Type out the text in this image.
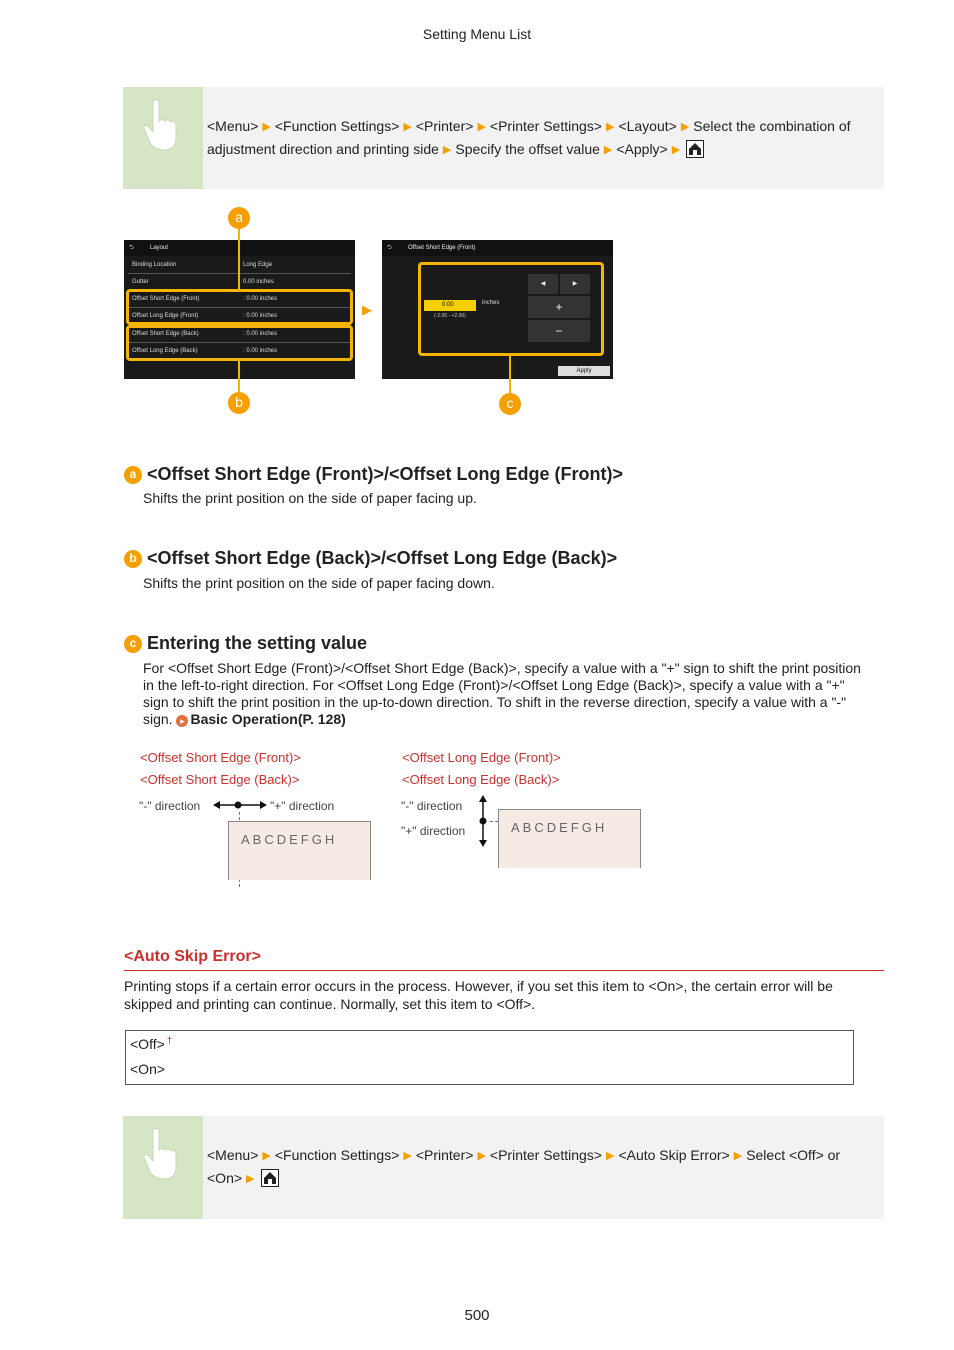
Setting Menu List
<Menu> ▶ <Function Settings> ▶ <Printer> ▶ <Printer Settings> ▶ <Layout> ▶ Select the combination of adjustment direction and printing side ▶ Specify the offset value ▶ <Apply> ▶
⮌	Layout
Binding Location	Long Edge
Gutter	0.00 inches
Offset Short Edge (Front)	: 0.00 inches
Offset Long Edge (Front)	: 0.00 inches
Offset Short Edge (Back)	: 0.00 inches
Offset Long Edge (Back)	: 0.00 inches
a
b
▶
⮌	Offset Short Edge (Front)
0.00	inches
(-2.00 - +2.00)
◀	▶
+
−
Apply
c
a <Offset Short Edge (Front)>/<Offset Long Edge (Front)>
Shifts the print position on the side of paper facing up.
b <Offset Short Edge (Back)>/<Offset Long Edge (Back)>
Shifts the print position on the side of paper facing down.
c Entering the setting value
For <Offset Short Edge (Front)>/<Offset Short Edge (Back)>, specify a value with a "+" sign to shift the print position in the left-to-right direction. For <Offset Long Edge (Front)>/<Offset Long Edge (Back)>, specify a value with a "+" sign to shift the print position in the up-to-down direction. To shift in the reverse direction, specify a value with a "-" sign. ▸ Basic Operation(P. 128)
<Offset Short Edge (Front)>
<Offset Short Edge (Back)>
"-" direction	"+" direction
ABCDEFGH
<Offset Long Edge (Front)>
<Offset Long Edge (Back)>
"-" direction
"+" direction	ABCDEFGH
<Auto Skip Error>
Printing stops if a certain error occurs in the process. However, if you set this item to <On>, the certain error will be skipped and printing can continue. Normally, set this item to <Off>.
<Off> †
<On>
<Menu> ▶ <Function Settings> ▶ <Printer> ▶ <Printer Settings> ▶ <Auto Skip Error> ▶ Select <Off> or <On> ▶
500
